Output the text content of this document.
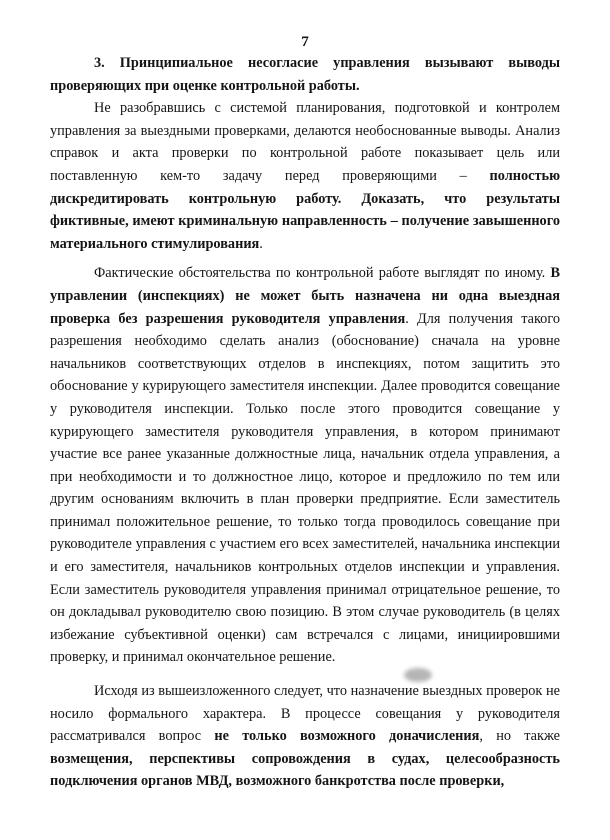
7

3. Принципиальное несогласие управления вызывают выводы проверяющих при оценке контрольной работы.

Не разобравшись с системой планирования, подготовкой и контролем управления за выездными проверками, делаются необоснованные выводы. Анализ справок и акта проверки по контрольной работе показывает цель или поставленную кем-то задачу перед проверяющими – полностью дискредитировать контрольную работу. Доказать, что результаты фиктивные, имеют криминальную направленность – получение завышенного материального стимулирования.

Фактические обстоятельства по контрольной работе выглядят по иному. В управлении (инспекциях) не может быть назначена ни одна выездная проверка без разрешения руководителя управления. Для получения такого разрешения необходимо сделать анализ (обоснование) сначала на уровне начальников соответствующих отделов в инспекциях, потом защитить это обоснование у курирующего заместителя инспекции. Далее проводится совещание у руководителя инспекции. Только после этого проводится совещание у курирующего заместителя руководителя управления, в котором принимают участие все ранее указанные должностные лица, начальник отдела управления, а при необходимости и то должностное лицо, которое и предложило по тем или другим основаниям включить в план проверки предприятие. Если заместитель принимал положительное решение, то только тогда проводилось совещание при руководителе управления с участием его всех заместителей, начальника инспекции и его заместителя, начальников контрольных отделов инспекции и управления. Если заместитель руководителя управления принимал отрицательное решение, то он докладывал руководителю свою позицию. В этом случае руководитель (в целях избежание субъективной оценки) сам встречался с лицами, инициировшими проверку, и принимал окончательное решение.

Исходя из вышеизложенного следует, что назначение выездных проверок не носило формального характера. В процессе совещания у руководителя рассматривался вопрос не только возможного доначисления, но также возмещения, перспективы сопровождения в судах, целесообразность подключения органов МВД, возможного банкротства после проверки,
